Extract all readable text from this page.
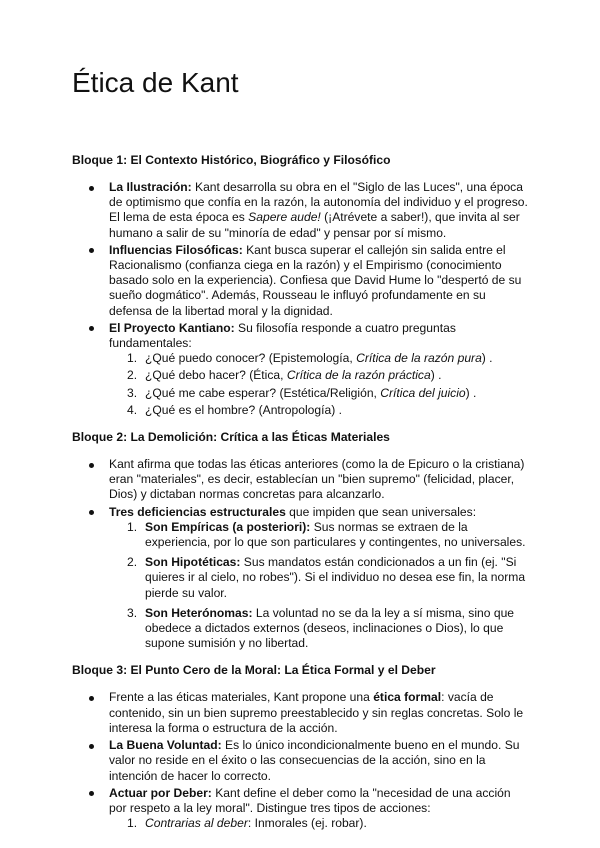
Ética de Kant
Bloque 1: El Contexto Histórico, Biográfico y Filosófico
La Ilustración: Kant desarrolla su obra en el "Siglo de las Luces", una época de optimismo que confía en la razón, la autonomía del individuo y el progreso. El lema de esta época es Sapere aude! (¡Atrévete a saber!), que invita al ser humano a salir de su "minoría de edad" y pensar por sí mismo.
Influencias Filosóficas: Kant busca superar el callejón sin salida entre el Racionalismo (confianza ciega en la razón) y el Empirismo (conocimiento basado solo en la experiencia). Confiesa que David Hume lo "despertó de su sueño dogmático". Además, Rousseau le influyó profundamente en su defensa de la libertad moral y la dignidad.
El Proyecto Kantiano: Su filosofía responde a cuatro preguntas fundamentales:
1. ¿Qué puedo conocer? (Epistemología, Crítica de la razón pura) .
2. ¿Qué debo hacer? (Ética, Crítica de la razón práctica) .
3. ¿Qué me cabe esperar? (Estética/Religión, Crítica del juicio) .
4. ¿Qué es el hombre? (Antropología) .
Bloque 2: La Demolición: Crítica a las Éticas Materiales
Kant afirma que todas las éticas anteriores (como la de Epicuro o la cristiana) eran "materiales", es decir, establecían un "bien supremo" (felicidad, placer, Dios) y dictaban normas concretas para alcanzarlo.
Tres deficiencias estructurales que impiden que sean universales:
1. Son Empíricas (a posteriori): Sus normas se extraen de la experiencia, por lo que son particulares y contingentes, no universales.
2. Son Hipotéticas: Sus mandatos están condicionados a un fin (ej. "Si quieres ir al cielo, no robes"). Si el individuo no desea ese fin, la norma pierde su valor.
3. Son Heterónomas: La voluntad no se da la ley a sí misma, sino que obedece a dictados externos (deseos, inclinaciones o Dios), lo que supone sumisión y no libertad.
Bloque 3: El Punto Cero de la Moral: La Ética Formal y el Deber
Frente a las éticas materiales, Kant propone una ética formal: vacía de contenido, sin un bien supremo preestablecido y sin reglas concretas. Solo le interesa la forma o estructura de la acción.
La Buena Voluntad: Es lo único incondicionalmente bueno en el mundo. Su valor no reside en el éxito o las consecuencias de la acción, sino en la intención de hacer lo correcto.
Actuar por Deber: Kant define el deber como la "necesidad de una acción por respeto a la ley moral". Distingue tres tipos de acciones:
1. Contrarias al deber: Inmorales (ej. robar).
